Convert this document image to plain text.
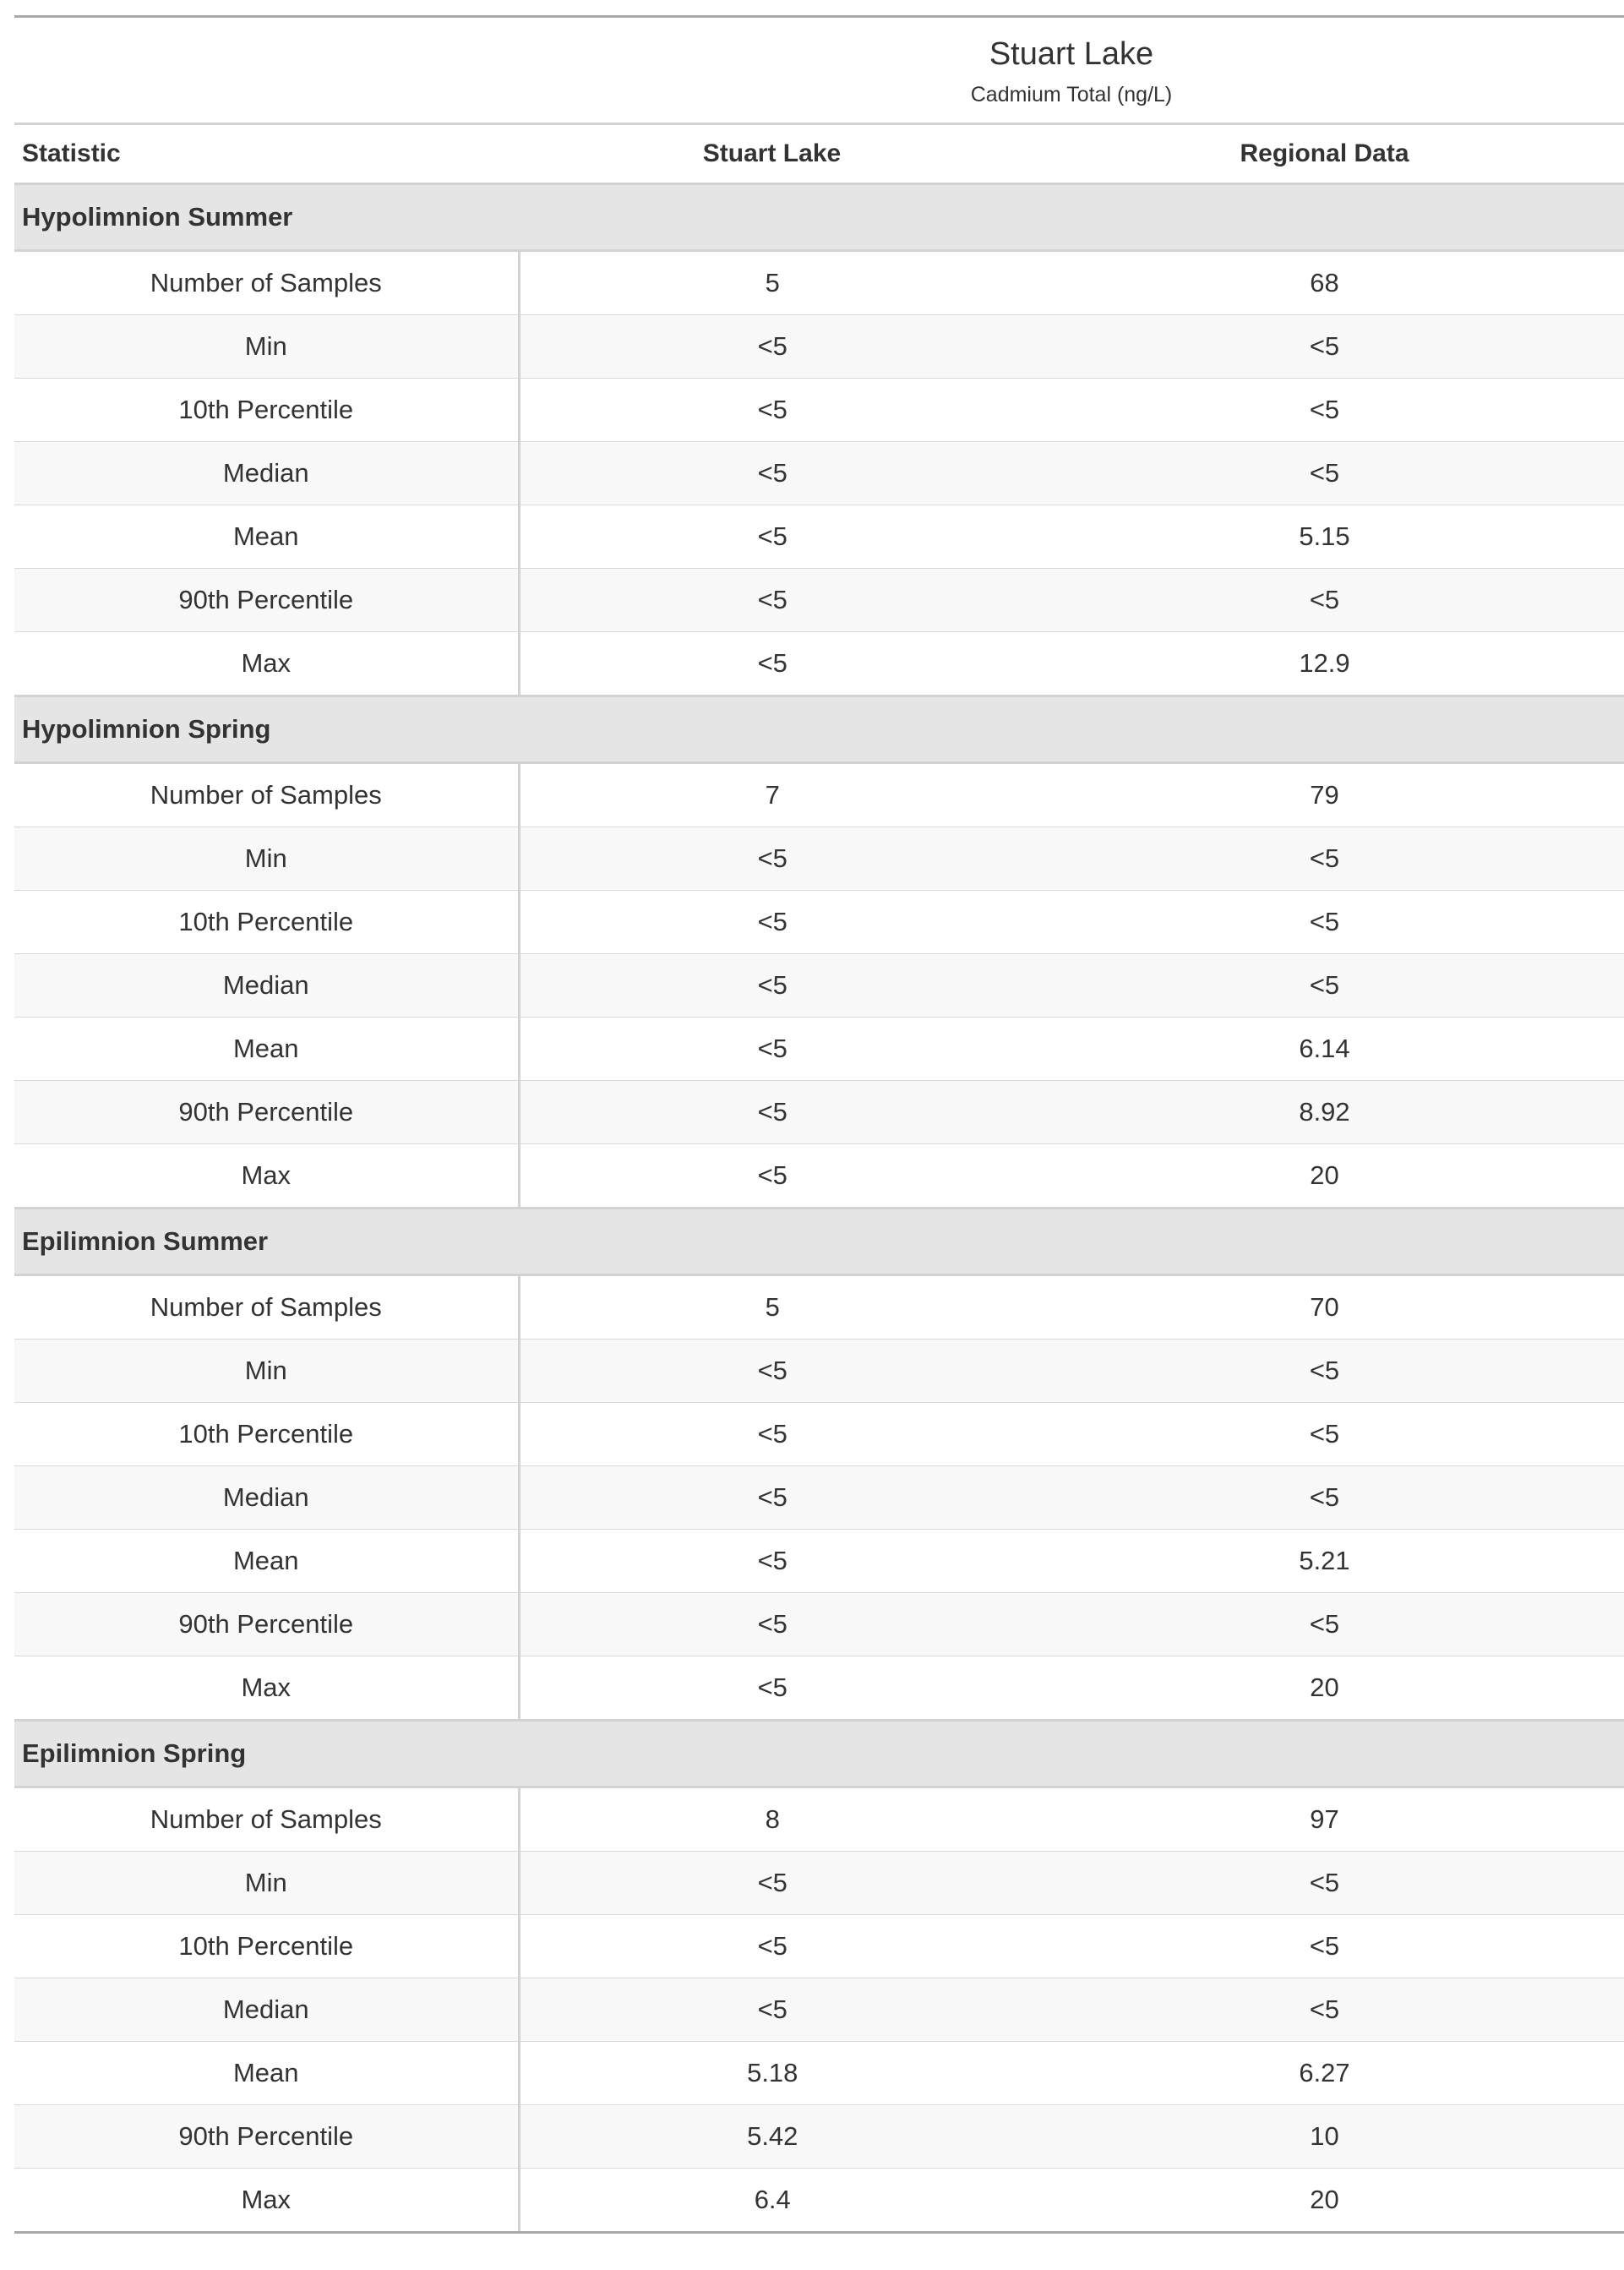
	Stuart Lake
Cadmium Total (ng/L)	

Statistic	Stuart Lake	Regional Data
Hypolimnion Summer		
Number of Samples	5	68
Min	<5	<5
10th Percentile	<5	<5
Median	<5	<5
Mean	<5	5.15
90th Percentile	<5	<5
Max	<5	12.9
Hypolimnion Spring		
Number of Samples	7	79
Min	<5	<5
10th Percentile	<5	<5
Median	<5	<5
Mean	<5	6.14
90th Percentile	<5	8.92
Max	<5	20
Epilimnion Summer		
Number of Samples	5	70
Min	<5	<5
10th Percentile	<5	<5
Median	<5	<5
Mean	<5	5.21
90th Percentile	<5	<5
Max	<5	20
Epilimnion Spring		
Number of Samples	8	97
Min	<5	<5
10th Percentile	<5	<5
Median	<5	<5
Mean	5.18	6.27
90th Percentile	5.42	10
Max	6.4	20
